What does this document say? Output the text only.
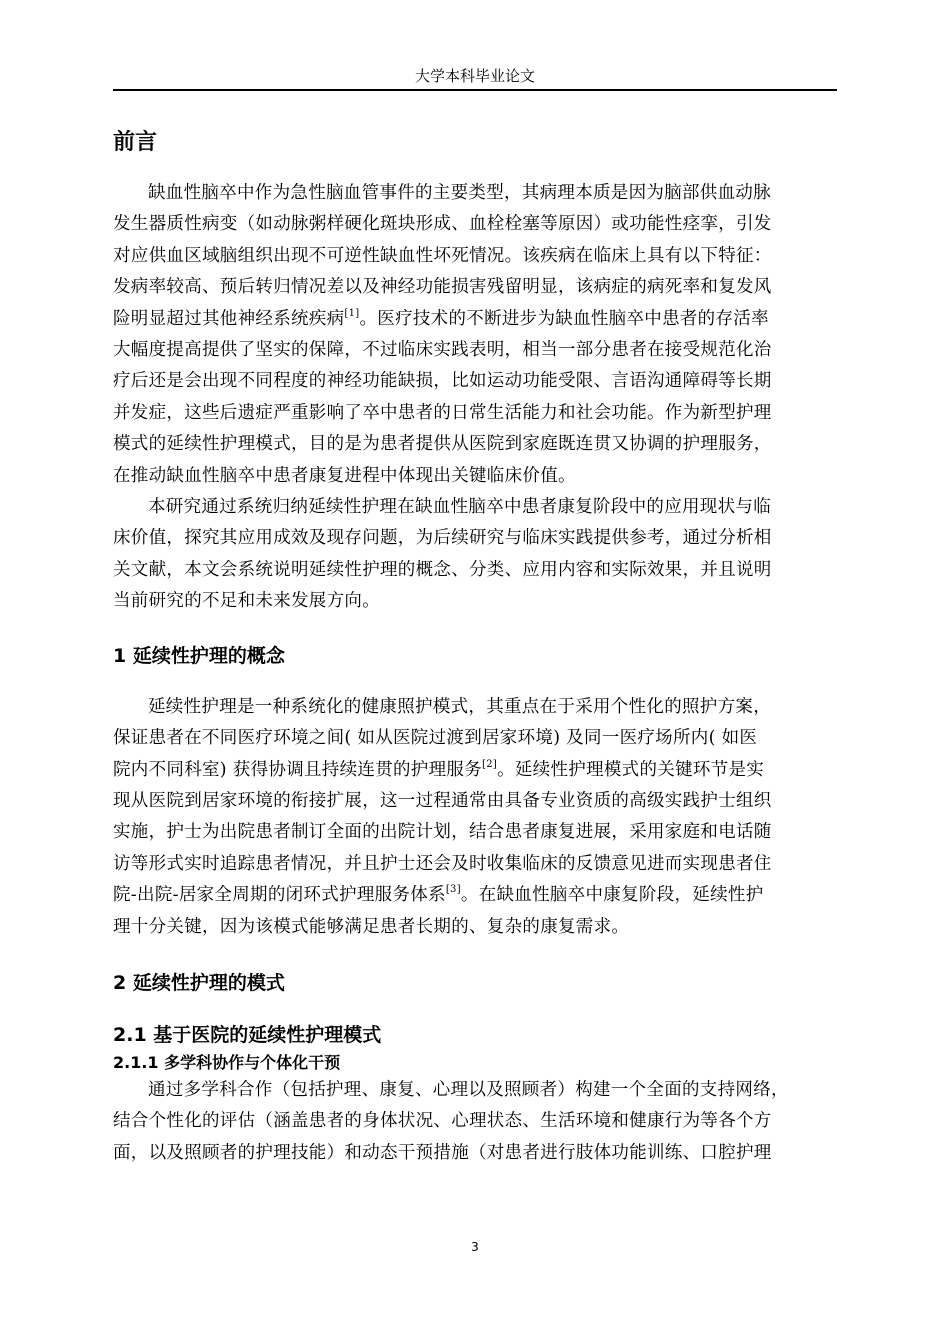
大学本科毕业论文
前言
缺血性脑卒中作为急性脑血管事件的主要类型，其病理本质是因为脑部供血动脉
发生器质性病变（如动脉粥样硬化斑块形成、血栓栓塞等原因）或功能性痉挛，引发
对应供血区域脑组织出现不可逆性缺血性坏死情况。该疾病在临床上具有以下特征：
发病率较高、预后转归情况差以及神经功能损害残留明显，该病症的病死率和复发风
险明显超过其他神经系统疾病[1]。医疗技术的不断进步为缺血性脑卒中患者的存活率
大幅度提高提供了坚实的保障，不过临床实践表明，相当一部分患者在接受规范化治
疗后还是会出现不同程度的神经功能缺损，比如运动功能受限、言语沟通障碍等长期
并发症，这些后遗症严重影响了卒中患者的日常生活能力和社会功能。作为新型护理
模式的延续性护理模式，目的是为患者提供从医院到家庭既连贯又协调的护理服务，
在推动缺血性脑卒中患者康复进程中体现出关键临床价值。
本研究通过系统归纳延续性护理在缺血性脑卒中患者康复阶段中的应用现状与临
床价值，探究其应用成效及现存问题，为后续研究与临床实践提供参考，通过分析相
关文献，本文会系统说明延续性护理的概念、分类、应用内容和实际效果，并且说明
当前研究的不足和未来发展方向。
1 延续性护理的概念
延续性护理是一种系统化的健康照护模式，其重点在于采用个性化的照护方案，
保证患者在不同医疗环境之间( 如从医院过渡到居家环境) 及同一医疗场所内( 如医
院内不同科室) 获得协调且持续连贯的护理服务[2]。延续性护理模式的关键环节是实
现从医院到居家环境的衔接扩展，这一过程通常由具备专业资质的高级实践护士组织
实施，护士为出院患者制订全面的出院计划，结合患者康复进展，采用家庭和电话随
访等形式实时追踪患者情况，并且护士还会及时收集临床的反馈意见进而实现患者住
院-出院-居家全周期的闭环式护理服务体系[3]。在缺血性脑卒中康复阶段，延续性护
理十分关键，因为该模式能够满足患者长期的、复杂的康复需求。
2 延续性护理的模式
2.1 基于医院的延续性护理模式
2.1.1 多学科协作与个体化干预
通过多学科合作（包括护理、康复、心理以及照顾者）构建一个全面的支持网络，
结合个性化的评估（涵盖患者的身体状况、心理状态、生活环境和健康行为等各个方
面，以及照顾者的护理技能）和动态干预措施（对患者进行肢体功能训练、口腔护理
3
